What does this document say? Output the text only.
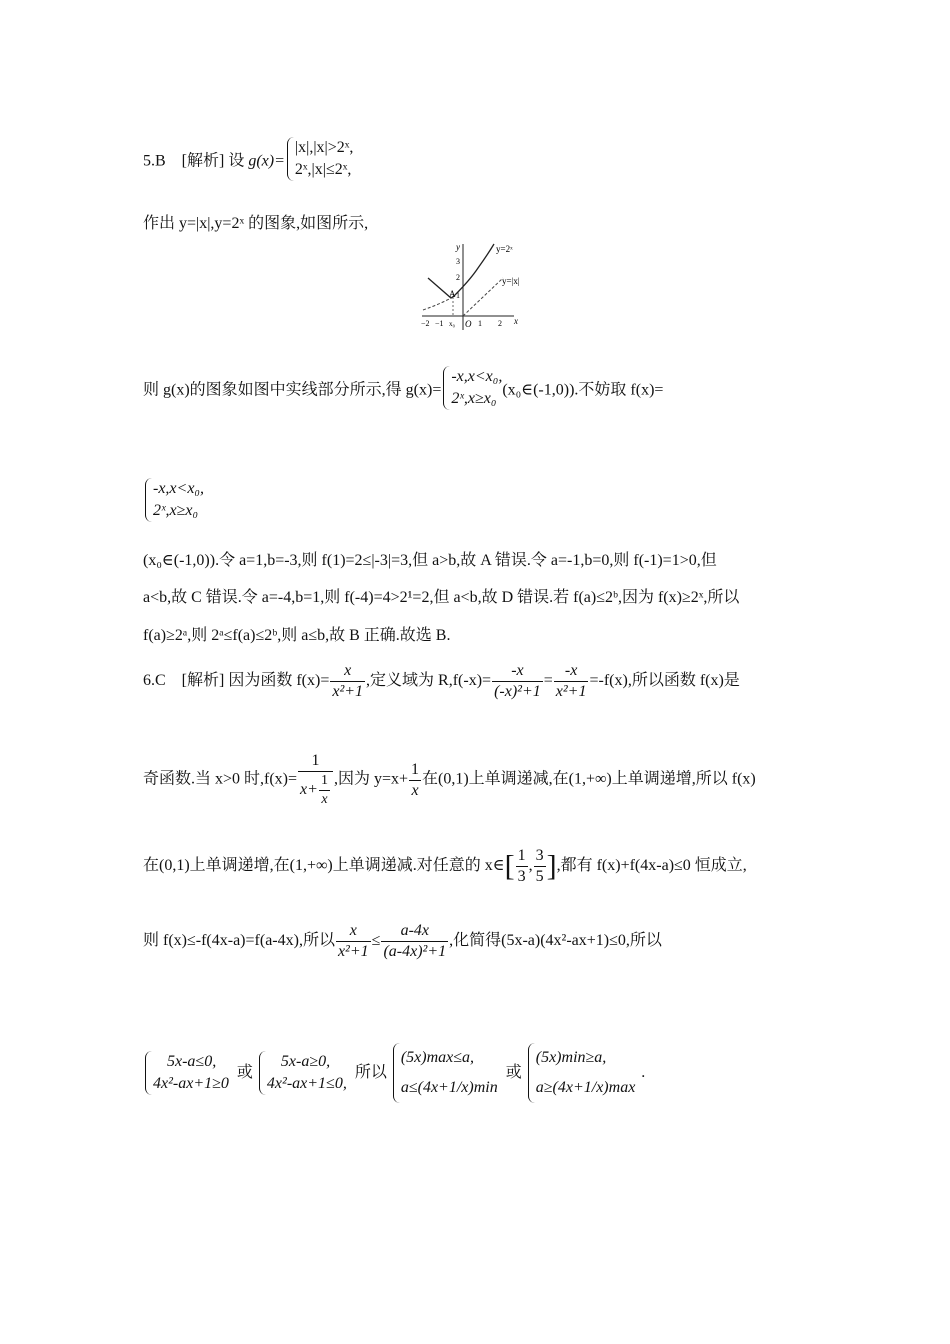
5.B　[解析] 设 g(x)=
|x|,|x|>2ˣ,
2ˣ,|x|≤2ˣ,
作出 y=|x|,y=2ˣ 的图象,如图所示,
y	y=2ˣ
y=|x|
A
O	x
−2 −1 x₀	1 2
1
2
3
则 g(x)的图象如图中实线部分所示,得 g(x)=
-x,x<x₀,
2ˣ,x≥x₀ (x₀∈(-1,0)).不妨取 f(x)=
-x,x<x₀,
2ˣ,x≥x₀
(x₀∈(-1,0)).令 a=1,b=-3,则 f(1)=2≤|-3|=3,但 a>b,故 A 错误.令 a=-1,b=0,则 f(-1)=1>0,但
a<b,故 C 错误.令 a=-4,b=1,则 f(-4)=4>2¹=2,但 a<b,故 D 错误.若 f(a)≤2ᵇ,因为 f(x)≥2ˣ,所以
f(a)≥2ᵃ,则 2ᵃ≤f(a)≤2ᵇ,则 a≤b,故 B 正确.故选 B.
6.C　[解析] 因为函数 $f(x)= \frac{x}{\text{x²+1}}$ ,定义域为 $R,f(-x)= \frac{-x}{\text{(-x)²+1}} = \frac{-x}{\text{x²+1}} =-f(x)$,所以函数 f(x)是
奇函数.当 x>0 时$,f(x)= \frac{1}{x+ \frac{1}{x}}$ ,因为 $y=x+ \frac{1}{x}$ 在(0,1)上单调递减,在(1,+∞)上单调递增,所以 f(x)
在(0,1)上单调递增,在(1,+∞)上单调递减.对任意的 x∈[ $\frac{1}{3}$ , $\frac{3}{5}$ ],都有 f(x)+f(4x-a)≤0 恒成立,
则 f(x)≤-f(4x-a)=f(a-4x),所以 $\frac{x}{\text{x²+1}} \le \frac{a-4x}{\text{(a-4x)²+1}}$ ,化简得(5x-a)(4x²-ax+1)≤0,所以
5x-a≤0,
4x²-ax+1≥0
或
5x-a≥0,
4x²-ax+1≤0,
所以
(5x)max≤a,
a≤(4x+1/x)min
或
(5x)min≥a,
a≥(4x+1/x)max
.
